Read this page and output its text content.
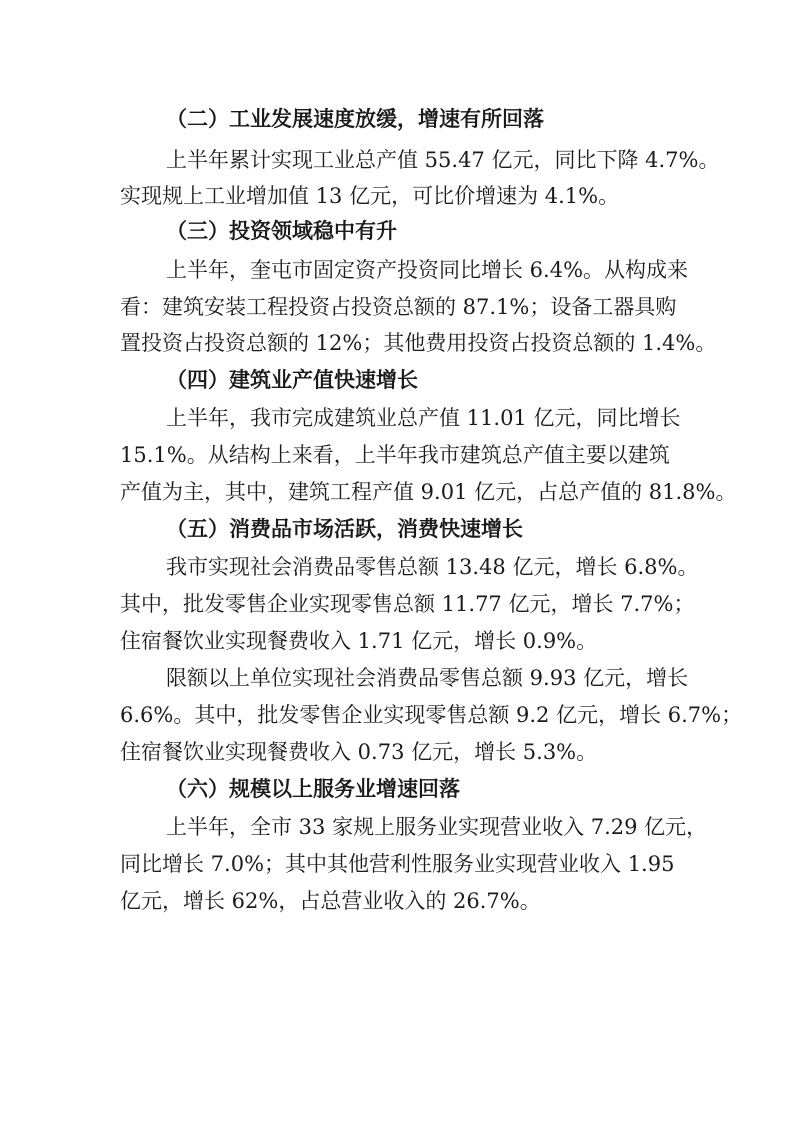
（二）工业发展速度放缓，增速有所回落
上半年累计实现工业总产值 55.47 亿元，同比下降 4.7%。
实现规上工业增加值 13 亿元，可比价增速为 4.1%。
（三）投资领域稳中有升
上半年，奎屯市固定资产投资同比增长 6.4%。从构成来
看：建筑安装工程投资占投资总额的 87.1%；设备工器具购
置投资占投资总额的 12%；其他费用投资占投资总额的 1.4%。
（四）建筑业产值快速增长
上半年，我市完成建筑业总产值 11.01 亿元，同比增长
15.1%。从结构上来看，上半年我市建筑总产值主要以建筑
产值为主，其中，建筑工程产值 9.01 亿元，占总产值的 81.8%。
（五）消费品市场活跃，消费快速增长
我市实现社会消费品零售总额 13.48 亿元，增长 6.8%。
其中，批发零售企业实现零售总额 11.77 亿元，增长 7.7%；
住宿餐饮业实现餐费收入 1.71 亿元，增长 0.9%。
限额以上单位实现社会消费品零售总额 9.93 亿元，增长
6.6%。其中，批发零售企业实现零售总额 9.2 亿元，增长 6.7%；
住宿餐饮业实现餐费收入 0.73 亿元，增长 5.3%。
（六）规模以上服务业增速回落
上半年，全市 33 家规上服务业实现营业收入 7.29 亿元，
同比增长 7.0%；其中其他营利性服务业实现营业收入 1.95
亿元，增长 62%，占总营业收入的 26.7%。
